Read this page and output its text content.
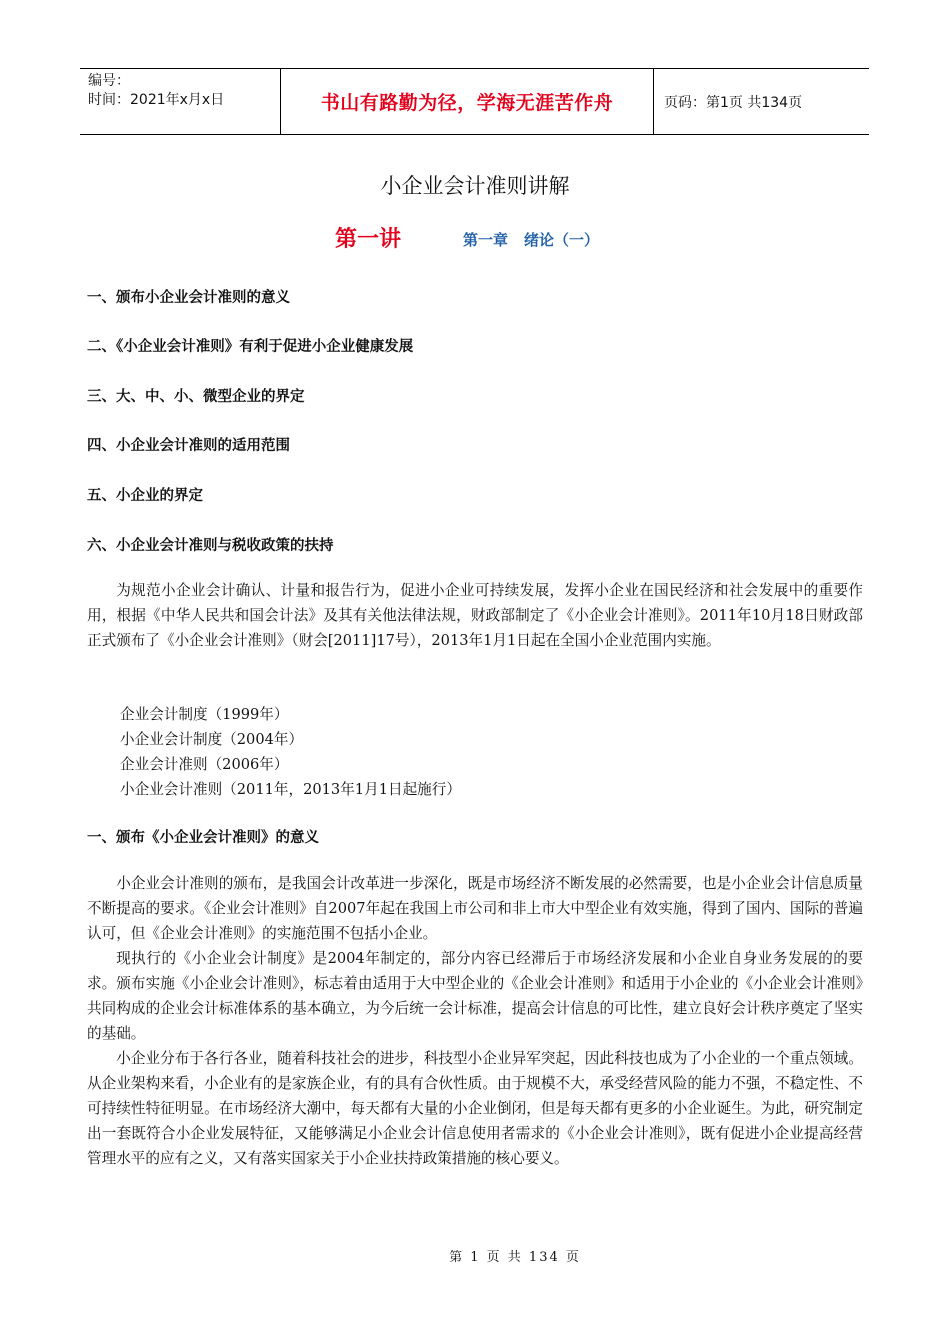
编号：
时间：2021年x月x日	书山有路勤为径，学海无涯苦作舟	页码：第1页 共134页
小企业会计准则讲解
第一讲	第一章 绪论（一）
一、颁布小企业会计准则的意义
二、《小企业会计准则》有利于促进小企业健康发展
三、大、中、小、微型企业的界定
四、小企业会计准则的适用范围
五、小企业的界定
六、小企业会计准则与税收政策的扶持

为规范小企业会计确认、计量和报告行为，促进小企业可持续发展，发挥小企业在国民经济和社会发展中的重要作用，根据《中华人民共和国会计法》及其有关他法律法规，财政部制定了《小企业会计准则》。2011年10月18日财政部正式颁布了《小企业会计准则》（财会[2011]17号），2013年1月1日起在全国小企业范围内实施。

企业会计制度（1999年）
小企业会计制度（2004年）
企业会计准则（2006年）
小企业会计准则（2011年，2013年1月1日起施行）
一、颁布《小企业会计准则》的意义

小企业会计准则的颁布，是我国会计改革进一步深化，既是市场经济不断发展的必然需要，也是小企业会计信息质量不断提高的要求。《企业会计准则》自2007年起在我国上市公司和非上市大中型企业有效实施，得到了国内、国际的普遍认可，但《企业会计准则》的实施范围不包括小企业。

现执行的《小企业会计制度》是2004年制定的，部分内容已经滞后于市场经济发展和小企业自身业务发展的的要求。颁布实施《小企业会计准则》，标志着由适用于大中型企业的《企业会计准则》和适用于小企业的《小企业会计准则》共同构成的企业会计标准体系的基本确立，为今后统一会计标准，提高会计信息的可比性，建立良好会计秩序奠定了坚实的基础。

小企业分布于各行各业，随着科技社会的进步，科技型小企业异军突起，因此科技也成为了小企业的一个重点领域。从企业架构来看，小企业有的是家族企业，有的具有合伙性质。由于规模不大，承受经营风险的能力不强，不稳定性、不可持续性特征明显。在市场经济大潮中，每天都有大量的小企业倒闭，但是每天都有更多的小企业诞生。为此，研究制定出一套既符合小企业发展特征，又能够满足小企业会计信息使用者需求的《小企业会计准则》，既有促进小企业提高经营管理水平的应有之义，又有落实国家关于小企业扶持政策措施的核心要义。

第 1 页 共 134 页
